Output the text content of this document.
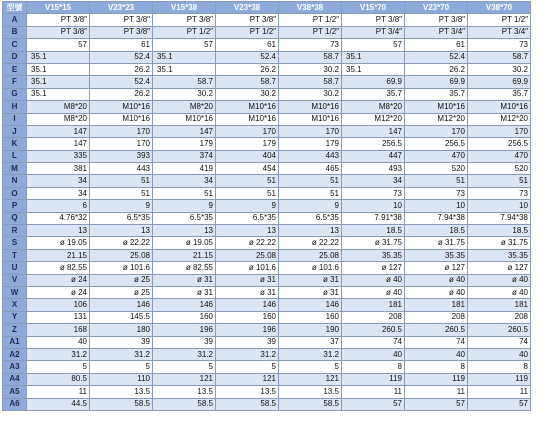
型號	V15*15	V23*23	V15*38	V23*38	V38*38	V15*70	V23*70	V38*70
A	PT 3/8″	PT 3/8″	PT 3/8″	PT 3/8″	PT 1/2″	PT 3/8″	PT 3/8″	PT 1/2″

B	PT 3/8″	PT 3/8″	PT 1/2″	PT 1/2″	PT 1/2″	PT 3/4″	PT 3/4″	PT 3/4″

C	57	61	57	61	73	57	61	73

D	35.1	52.4	35.1	52.4	58.7	35.1	52.4	58.7

E	35.1	26.2	35.1	26.2	30.2	35.1	26.2	30.2

F	35.1	52.4	58.7	58.7	58.7	69.9	69.9	69.9

G	35.1	26.2	30.2	30.2	30.2	35.7	35.7	35.7

H	M8*20	M10*16	M8*20	M10*16	M10*16	M8*20	M10*16	M10*16

I	M8*20	M10*16	M10*16	M10*16	M10*16	M12*20	M12*20	M12*20

J	147	170	147	170	170	147	170	170

K	147	170	179	179	179	256.5	256.5	256.5

L	335	393	374	404	443	447	470	470

M	381	443	419	454	465	493	520	520

N	34	51	34	51	51	34	51	51

O	34	51	51	51	51	73	73	73

P	6	9	9	9	9	10	10	10

Q	4.76*32	6.5*35	6.5*35	6.5*35	6.5*35	7.91*38	7.94*38	7.94*38

R	13	13	13	13	13	18.5	18.5	18.5

S	ø 19.05	ø 22.22	ø 19.05	ø 22.22	ø 22.22	ø 31.75	ø 31.75	ø 31.75

T	21.15	25.08	21.15	25.08	25.08	35.35	35.35	35.35

U	ø 82.55	ø 101.6	ø 82.55	ø 101.6	ø 101.6	ø 127	ø 127	ø 127

V	ø 24	ø 25	ø 31	ø 31	ø 31	ø 40	ø 40	ø 40

W	ø 24	ø 25	ø 31	ø 31	ø 31	ø 40	ø 40	ø 40

X	106	146	146	146	146	181	181	181

Y	131	145.5	160	160	160	208	208	208

Z	168	180	196	196	190	260.5	260.5	260.5

A1	40	39	39	39	37	74	74	74

A2	31.2	31.2	31.2	31.2	31.2	40	40	40

A3	5	5	5	5	5	8	8	8

A4	80.5	110	121	121	121	119	119	119

A5	11	13.5	13.5	13.5	13.5	11	11	11

A6	44.5	58.5	58.5	58.5	58.5	57	57	57
